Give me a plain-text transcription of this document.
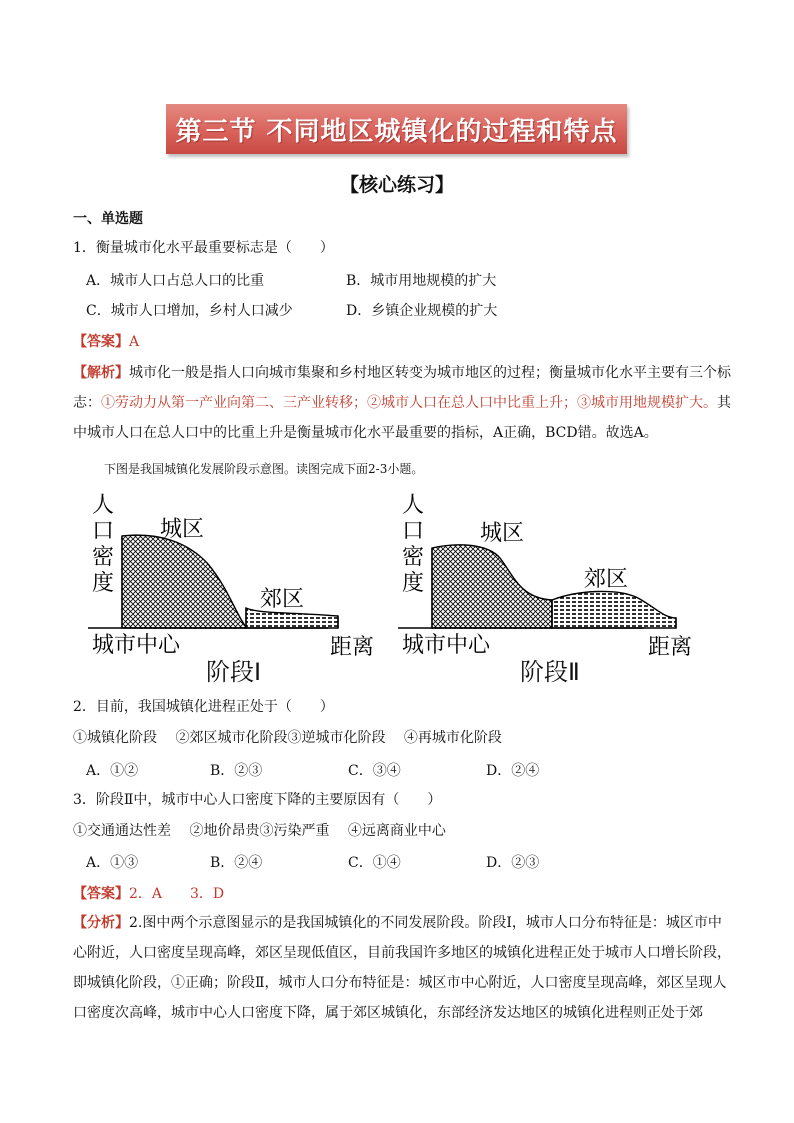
第三节 不同地区城镇化的过程和特点
【核心练习】
一、单选题
1．衡量城市化水平最重要标志是（　　）
A．城市人口占总人口的比重	B．城市用地规模的扩大
C．城市人口增加，乡村人口减少	D．乡镇企业规模的扩大
【答案】A
【解析】城市化一般是指人口向城市集聚和乡村地区转变为城市地区的过程；衡量城市化水平主要有三个标志：①劳动力从第一产业向第二、三产业转移；②城市人口在总人口中比重上升；③城市用地规模扩大。其中城市人口在总人口中的比重上升是衡量城市化水平最重要的指标，A正确，BCD错。故选A。
下图是我国城镇化发展阶段示意图。读图完成下面2-3小题。
人
口
密
度
城区
郊区
城市中心	距离
阶段Ⅰ
人
口
密
度
城区
郊区
城市中心	距离
阶段Ⅱ
2．目前，我国城镇化进程正处于（　　）
①城镇化阶段　 ②郊区城市化阶段③逆城市化阶段　 ④再城市化阶段
A．①②	B．②③	C．③④	D．②④
3．阶段Ⅱ中，城市中心人口密度下降的主要原因有（　　）
①交通通达性差　 ②地价昂贵③污染严重　 ④远离商业中心
A．①③	B．②④	C．①④	D．②③
【答案】2．A　　3．D
【分析】2.图中两个示意图显示的是我国城镇化的不同发展阶段。阶段Ⅰ，城市人口分布特征是：城区市中心附近，人口密度呈现高峰，郊区呈现低值区，目前我国许多地区的城镇化进程正处于城市人口增长阶段，即城镇化阶段，①正确；阶段Ⅱ，城市人口分布特征是：城区市中心附近，人口密度呈现高峰，郊区呈现人口密度次高峰，城市中心人口密度下降，属于郊区城镇化，东部经济发达地区的城镇化进程则正处于郊
